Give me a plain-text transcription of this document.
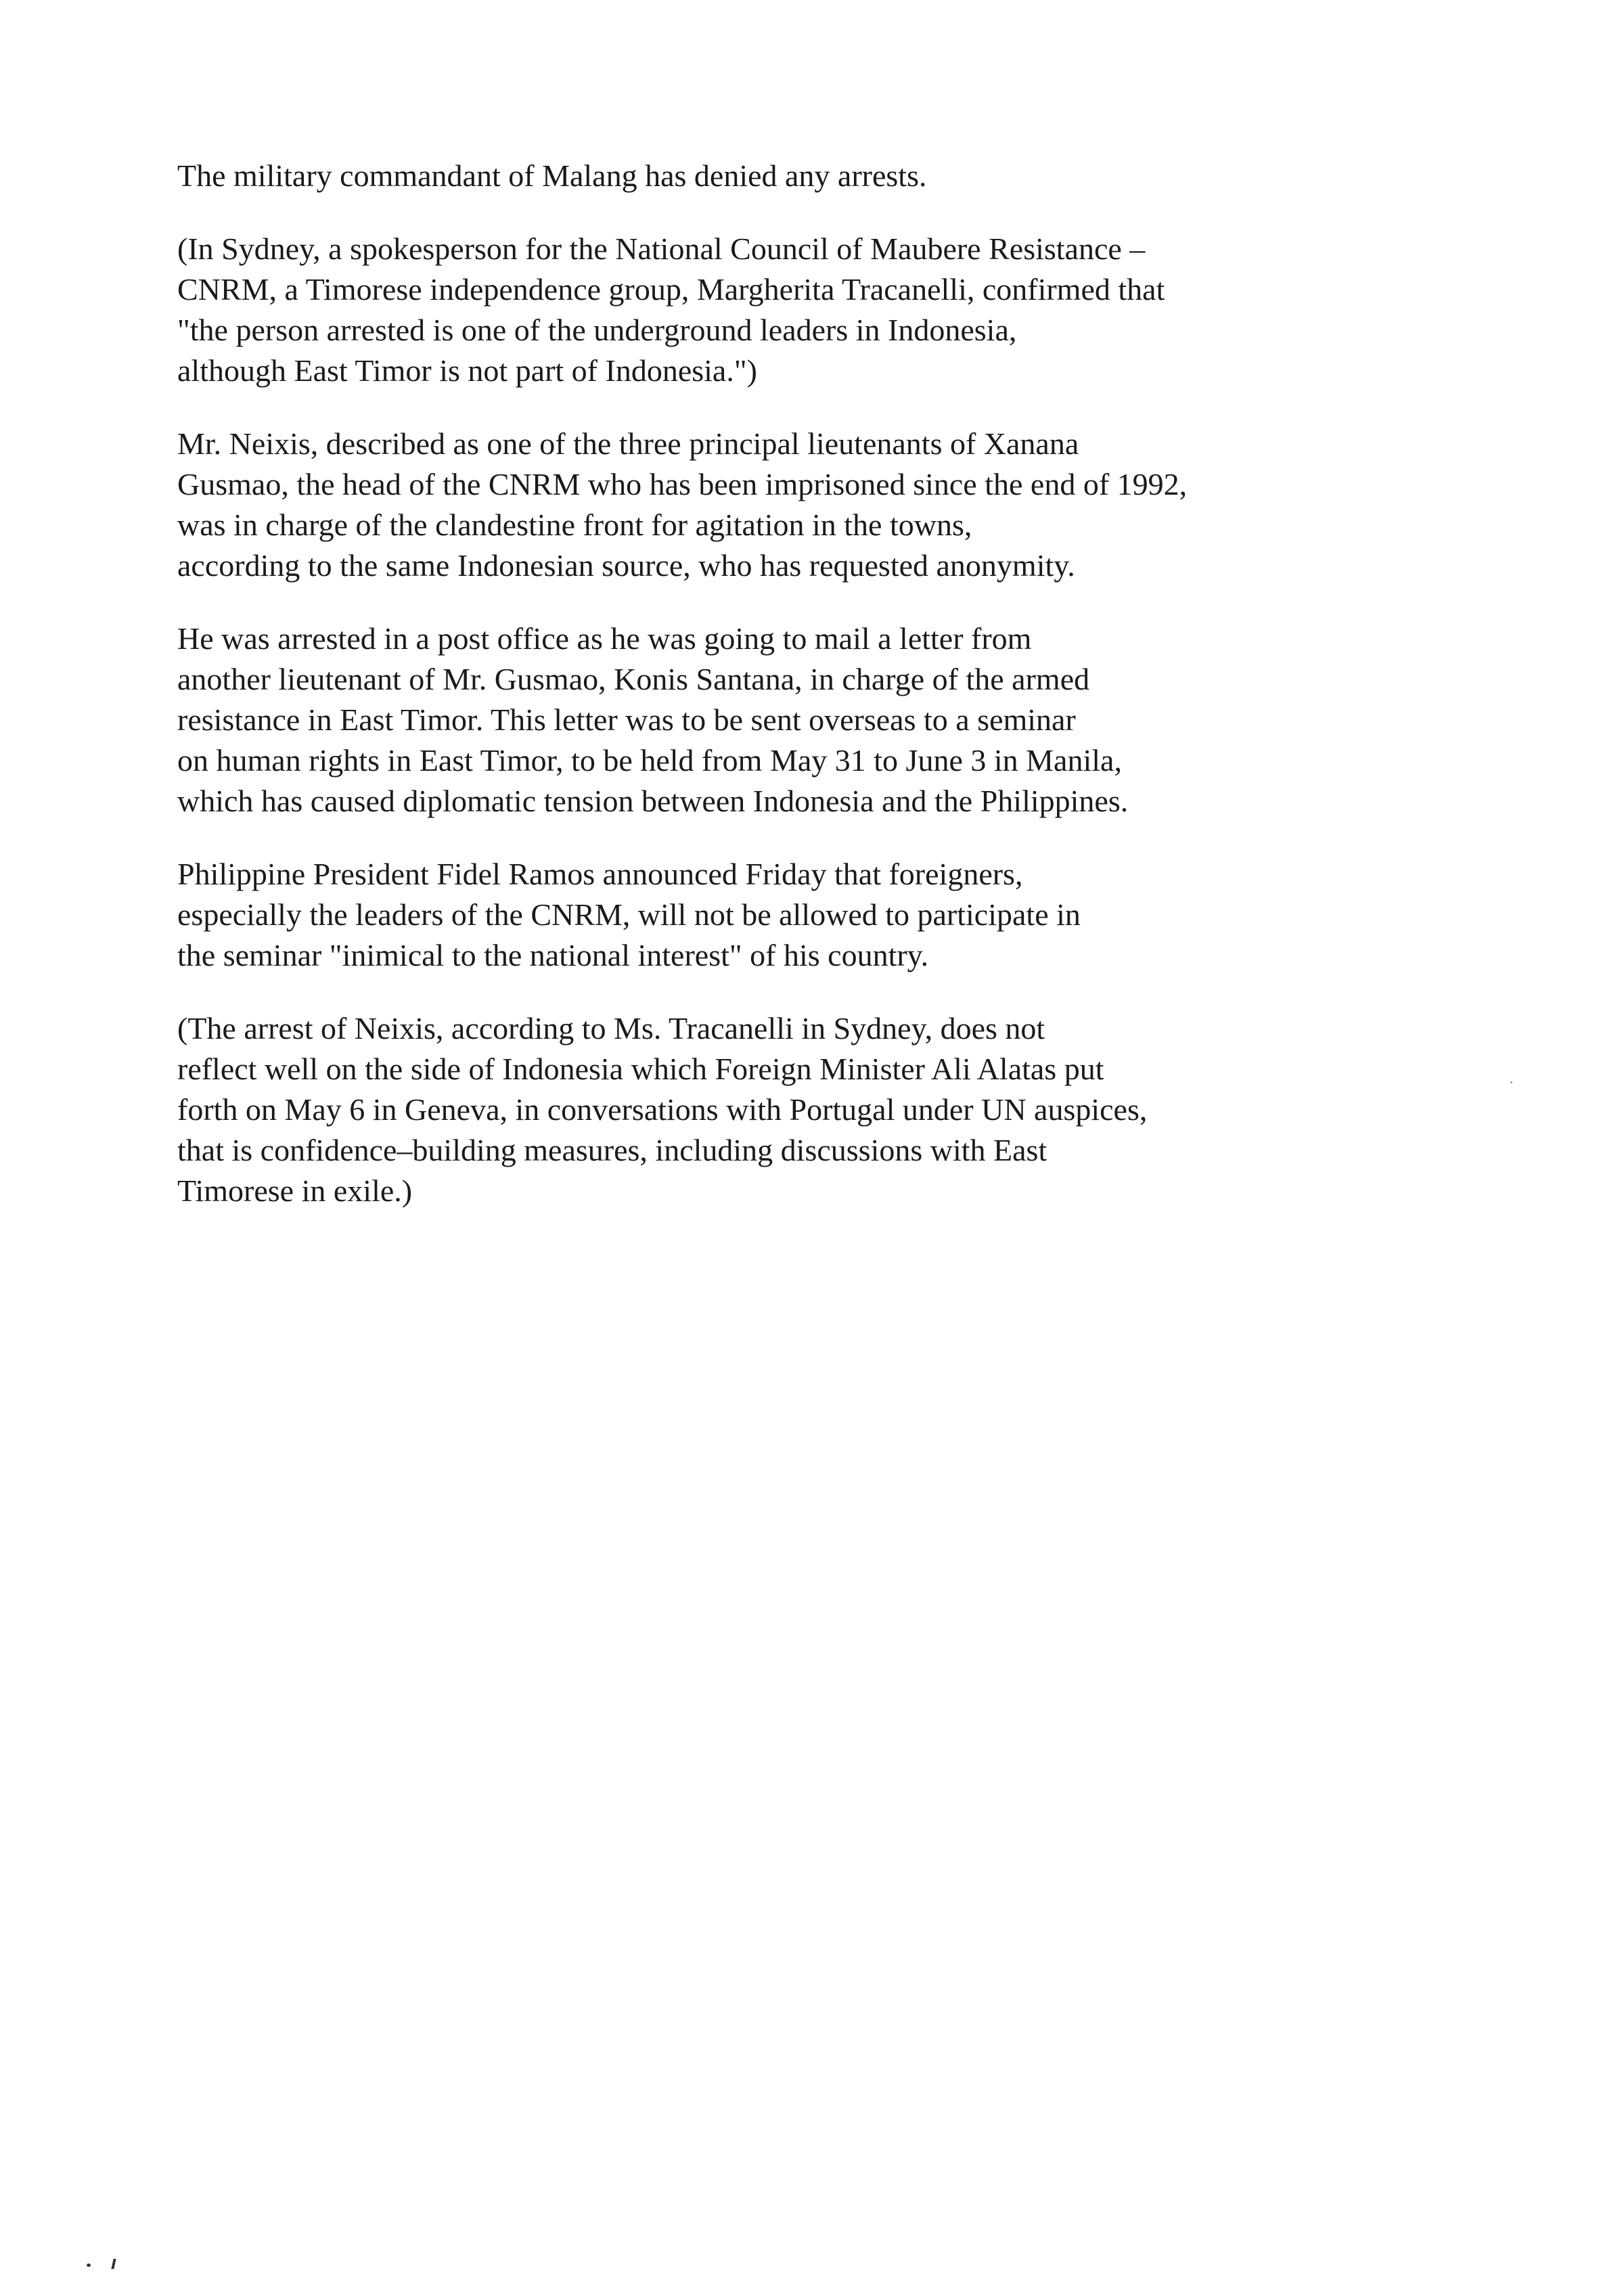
The military commandant of Malang has denied any arrests.

(In Sydney, a spokesperson for the National Council of Maubere Resistance –
CNRM, a Timorese independence group, Margherita Tracanelli, confirmed that
"the person arrested is one of the underground leaders in Indonesia,
although East Timor is not part of Indonesia.")

Mr. Neixis, described as one of the three principal lieutenants of Xanana
Gusmao, the head of the CNRM who has been imprisoned since the end of 1992,
was in charge of the clandestine front for agitation in the towns,
according to the same Indonesian source, who has requested anonymity.

He was arrested in a post office as he was going to mail a letter from
another lieutenant of Mr. Gusmao, Konis Santana, in charge of the armed
resistance in East Timor. This letter was to be sent overseas to a seminar
on human rights in East Timor, to be held from May 31 to June 3 in Manila,
which has caused diplomatic tension between Indonesia and the Philippines.

Philippine President Fidel Ramos announced Friday that foreigners,
especially the leaders of the CNRM, will not be allowed to participate in
the seminar "inimical to the national interest" of his country.

(The arrest of Neixis, according to Ms. Tracanelli in Sydney, does not
reflect well on the side of Indonesia which Foreign Minister Ali Alatas put
forth on May 6 in Geneva, in conversations with Portugal under UN auspices,
that is confidence–building measures, including discussions with East
Timorese in exile.)
